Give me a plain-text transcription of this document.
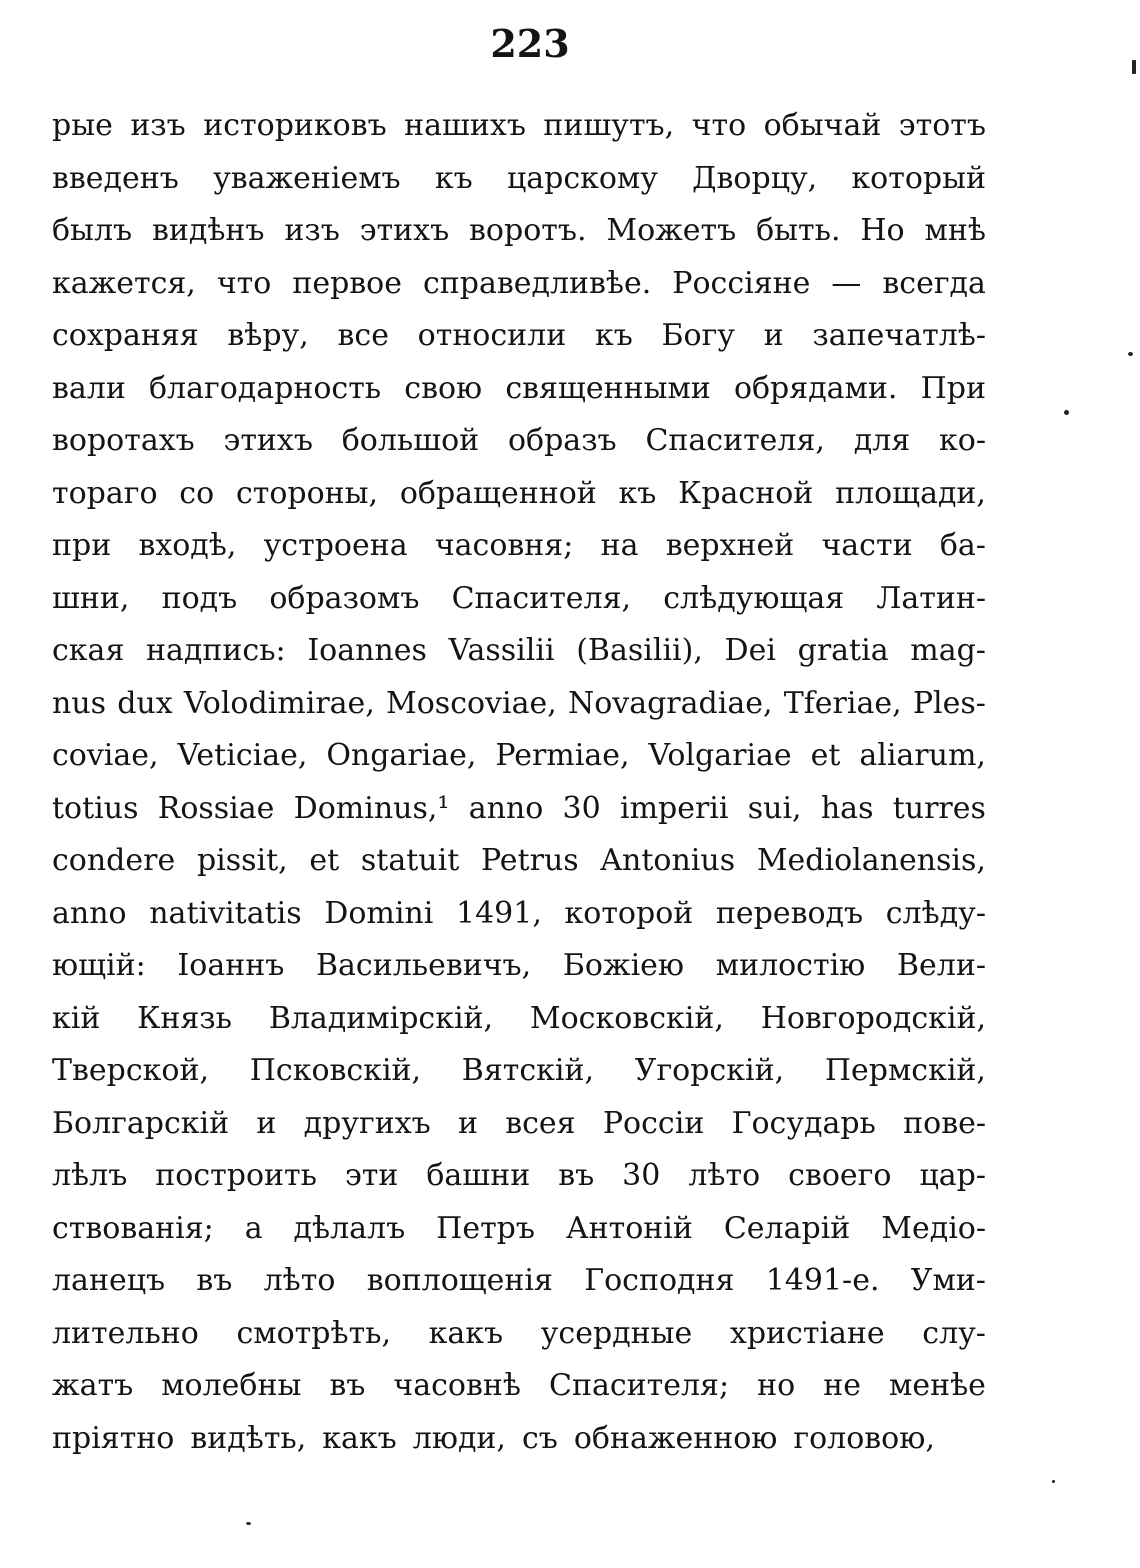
223
рые изъ историковъ нашихъ пишутъ, что обычай этотъ
введенъ уваженіемъ къ царскому Дворцу, который
былъ видѣнъ изъ этихъ воротъ. Можетъ быть. Но мнѣ
кажется, что первое справедливѣе. Россіяне — всегда
сохраняя вѣру, все относили къ Богу и запечатлѣ-
вали благодарность свою священными обрядами. При
воротахъ этихъ большой образъ Спасителя, для ко-
тораго со стороны, обращенной къ Красной площади,
при входѣ, устроена часовня; на верхней части ба-
шни, подъ образомъ Спасителя, слѣдующая Латин-
ская надпись: Ioannes Vassilii (Basilii), Dei gratia mag-
nus dux Volodimirae, Moscoviae, Novagradiae, Tferiae, Ples-
coviae, Veticiae, Ongariae, Permiae, Volgariae et aliarum,
totius Rossiae Dominus,¹ anno 30 imperii sui, has turres
condere pissit, et statuit Petrus Antonius Mediolanensis,
anno nativitatis Domini 1491, которой переводъ слѣду-
ющій: Іоаннъ Васильевичъ, Божіею милостію Вели-
кій Князь Владимірскій, Московскій, Новгородскій,
Тверской, Псковскій, Вятскій, Угорскій, Пермскій,
Болгарскій и другихъ и всея Россіи Государь пове-
лѣлъ построить эти башни въ 30 лѣто своего цар-
ствованія; а дѣлалъ Петръ Антоній Селарій Медіо-
ланецъ въ лѣто воплощенія Господня 1491-е. Уми-
лительно смотрѣть, какъ усердные христіане слу-
жатъ молебны въ часовнѣ Спасителя; но не менѣе
пріятно видѣть, какъ люди, съ обнаженною головою,
